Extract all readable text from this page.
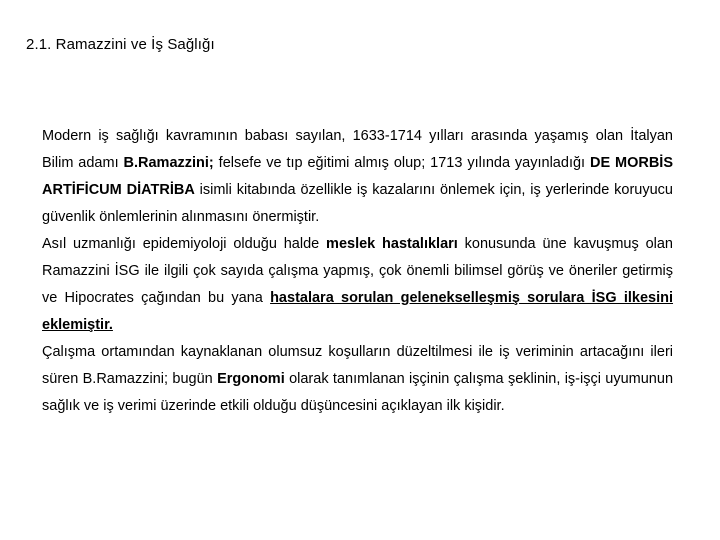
2.1. Ramazzini ve İş Sağlığı

Modern iş sağlığı kavramının babası sayılan, 1633-1714 yılları arasında yaşamış olan İtalyan Bilim adamı B.Ramazzini; felsefe ve tıp eğitimi almış olup; 1713 yılında yayınladığı DE MORBİS ARTİFİCUM DİATRİBA isimli kitabında özellikle iş kazalarını önlemek için, iş yerlerinde koruyucu güvenlik önlemlerinin alınmasını önermiştir.

Asıl uzmanlığı epidemiyoloji olduğu halde meslek hastalıkları konusunda üne kavuşmuş olan Ramazzini İSG ile ilgili çok sayıda çalışma yapmış, çok önemli bilimsel görüş ve öneriler getirmiş ve Hipocrates çağından bu yana hastalara sorulan gelenekselleşmiş sorulara İSG ilkesini eklemiştir.

Çalışma ortamından kaynaklanan olumsuz koşulların düzeltilmesi ile iş veriminin artacağını ileri süren B.Ramazzini; bugün Ergonomi olarak tanımlanan işçinin çalışma şeklinin, iş-işçi uyumunun sağlık ve iş verimi üzerinde etkili olduğu düşüncesini açıklayan ilk kişidir.
